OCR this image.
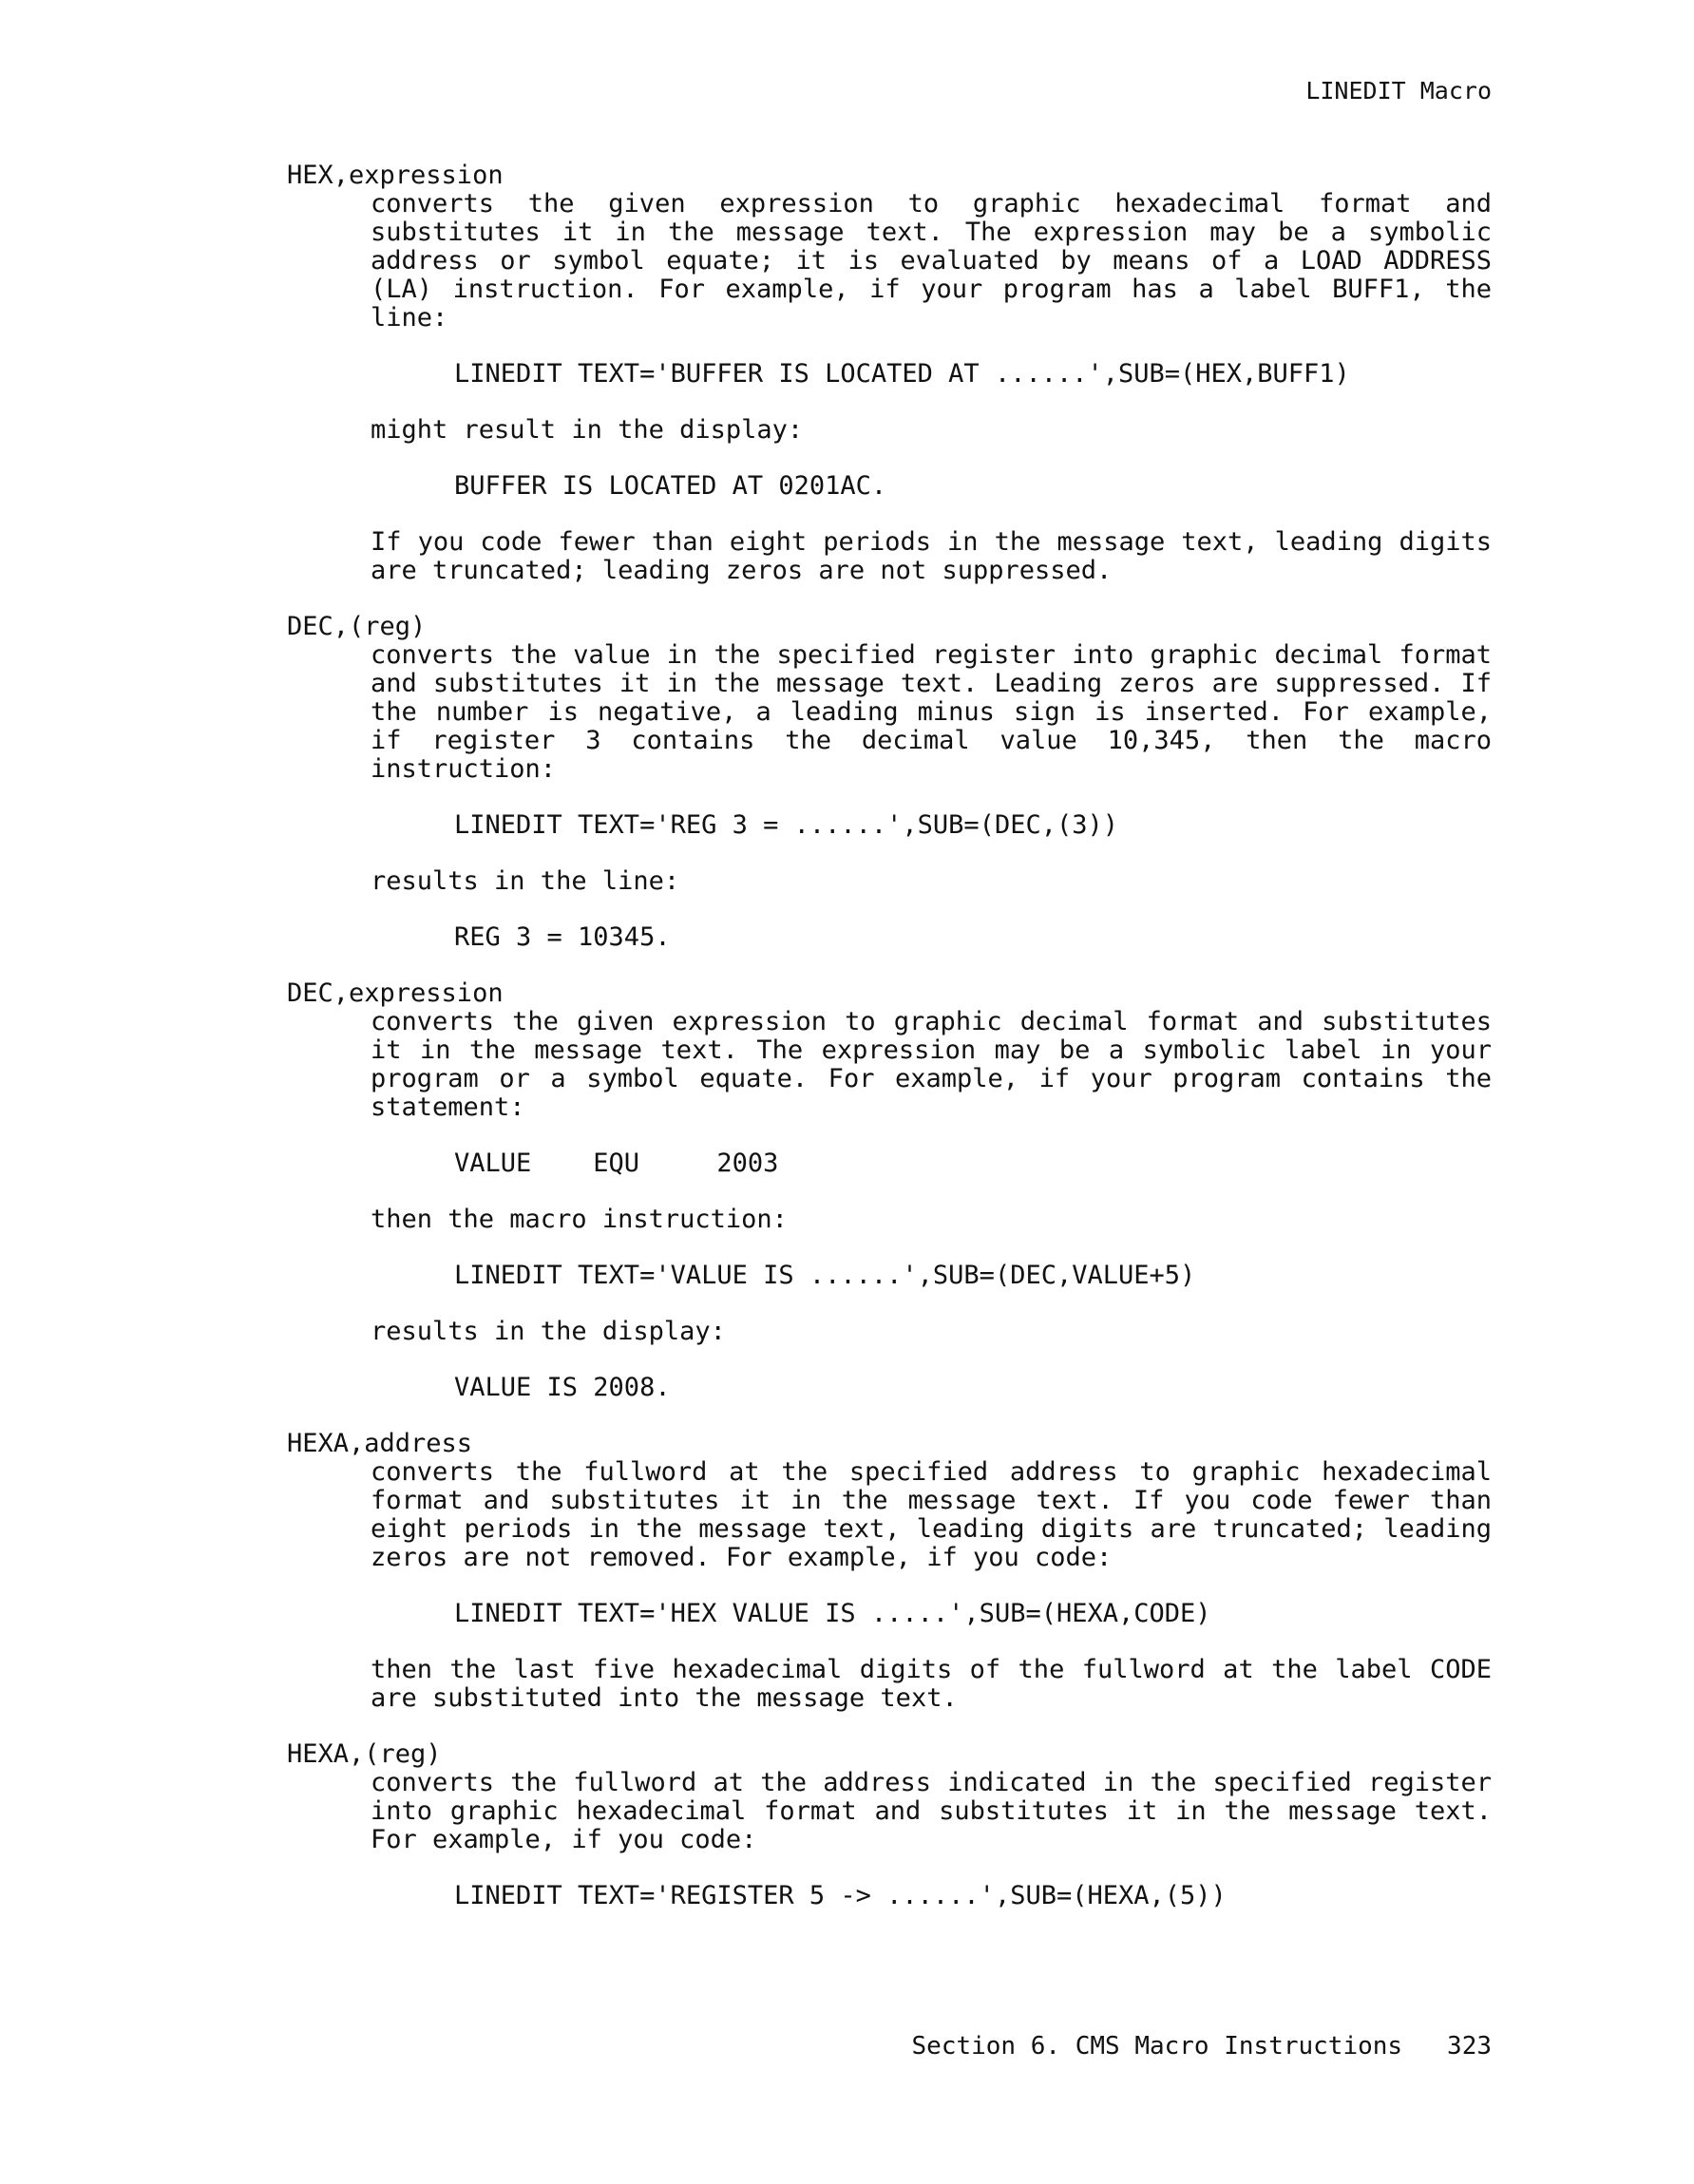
LINEDIT Macro
HEX,expression

converts the given expression to graphic hexadecimal format and substitutes it in the message text. The expression may be a symbolic address or symbol equate; it is evaluated by means of a LOAD ADDRESS (LA) instruction. For example, if your program has a label BUFF1, the line:

LINEDIT TEXT='BUFFER IS LOCATED AT ......',SUB=(HEX,BUFF1)

might result in the display:

BUFFER IS LOCATED AT 0201AC.

If you code fewer than eight periods in the message text, leading digits are truncated; leading zeros are not suppressed.

DEC,(reg)

converts the value in the specified register into graphic decimal format and substitutes it in the message text. Leading zeros are suppressed. If the number is negative, a leading minus sign is inserted. For example, if register 3 contains the decimal value 10,345, then the macro instruction:

LINEDIT TEXT='REG 3 = ......',SUB=(DEC,(3))

results in the line:

REG 3 = 10345.
DEC,expression

converts the given expression to graphic decimal format and substitutes it in the message text. The expression may be a symbolic label in your program or a symbol equate. For example, if your program contains the statement:

VALUE    EQU     2003

then the macro instruction:

LINEDIT TEXT='VALUE IS ......',SUB=(DEC,VALUE+5)

results in the display:

VALUE IS 2008.
HEXA,address

converts the fullword at the specified address to graphic hexadecimal format and substitutes it in the message text. If you code fewer than eight periods in the message text, leading digits are truncated; leading zeros are not removed. For example, if you code:

LINEDIT TEXT='HEX VALUE IS .....',SUB=(HEXA,CODE)

then the last five hexadecimal digits of the fullword at the label CODE are substituted into the message text.

HEXA,(reg)

converts the fullword at the address indicated in the specified register into graphic hexadecimal format and substitutes it in the message text. For example, if you code:

LINEDIT TEXT='REGISTER 5 -> ......',SUB=(HEXA,(5))
Section 6. CMS Macro Instructions   323
